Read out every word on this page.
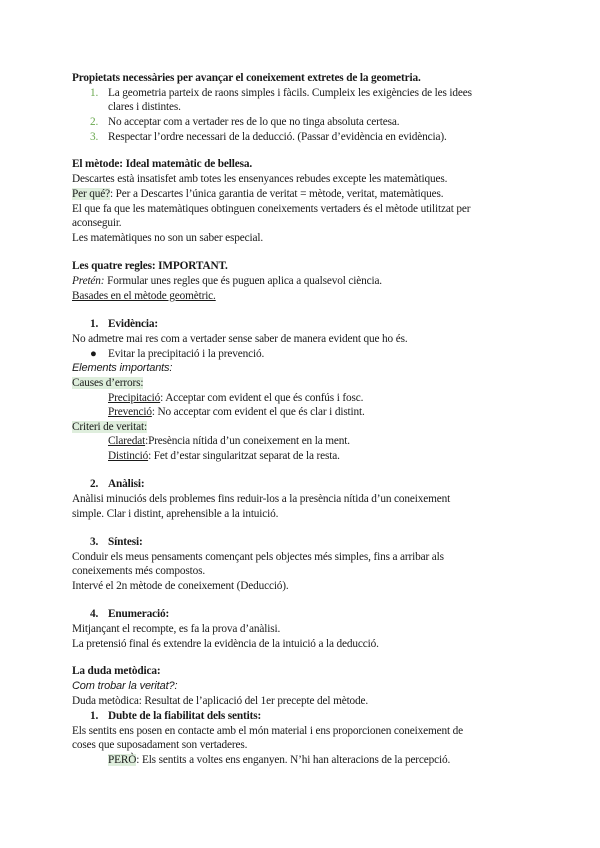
Propietats necessàries per avançar el coneixement extretes de la geometria.
1. La geometria parteix de raons simples i fàcils. Cumpleix les exigències de les idees
clares i distintes.
2. No acceptar com a vertader res de lo que no tinga absoluta certesa.
3. Respectar l’ordre necessari de la deducció. (Passar d’evidència en evidència).
El mètode: Ideal matemàtic de bellesa.
Descartes està insatisfet amb totes les ensenyances rebudes excepte les matemàtiques.
Per qué?: Per a Descartes l’única garantia de veritat = mètode, veritat, matemàtiques.
El que fa que les matemàtiques obtinguen coneixements vertaders és el mètode utilitzat per
aconseguir.
Les matemàtiques no son un saber especial.
Les quatre regles: IMPORTANT.
Pretén: Formular unes regles que és puguen aplica a qualsevol ciència.
Basades en el mètode geomètric.
1. Evidència:
No admetre mai res com a vertader sense saber de manera evident que ho és.
● Evitar la precipitació i la prevenció.
Elements importants:
Causes d’errors:
Precipitació: Acceptar com evident el que és confús i fosc.
Prevenció: No acceptar com evident el que és clar i distint.
Criteri de veritat:
Claredat:Presència nítida d’un coneixement en la ment.
Distinció: Fet d’estar singularitzat separat de la resta.
2. Anàlisi:
Anàlisi minuciós dels problemes fins reduir-los a la presència nítida d’un coneixement
simple. Clar i distint, aprehensible a la intuició.
3. Síntesi:
Conduir els meus pensaments començant pels objectes més simples, fins a arribar als
coneixements més compostos.
Intervé el 2n mètode de coneixement (Deducció).
4. Enumeració:
Mitjançant el recompte, es fa la prova d’anàlisi.
La pretensió final és extendre la evidència de la intuició a la deducció.
La duda metòdica:
Com trobar la veritat?:
Duda metòdica: Resultat de l’aplicació del 1er precepte del mètode.
1. Dubte de la fiabilitat dels sentits:
Els sentits ens posen en contacte amb el món material i ens proporcionen coneixement de
coses que suposadament son vertaderes.
PERÒ: Els sentits a voltes ens enganyen. N’hi han alteracions de la percepció.
